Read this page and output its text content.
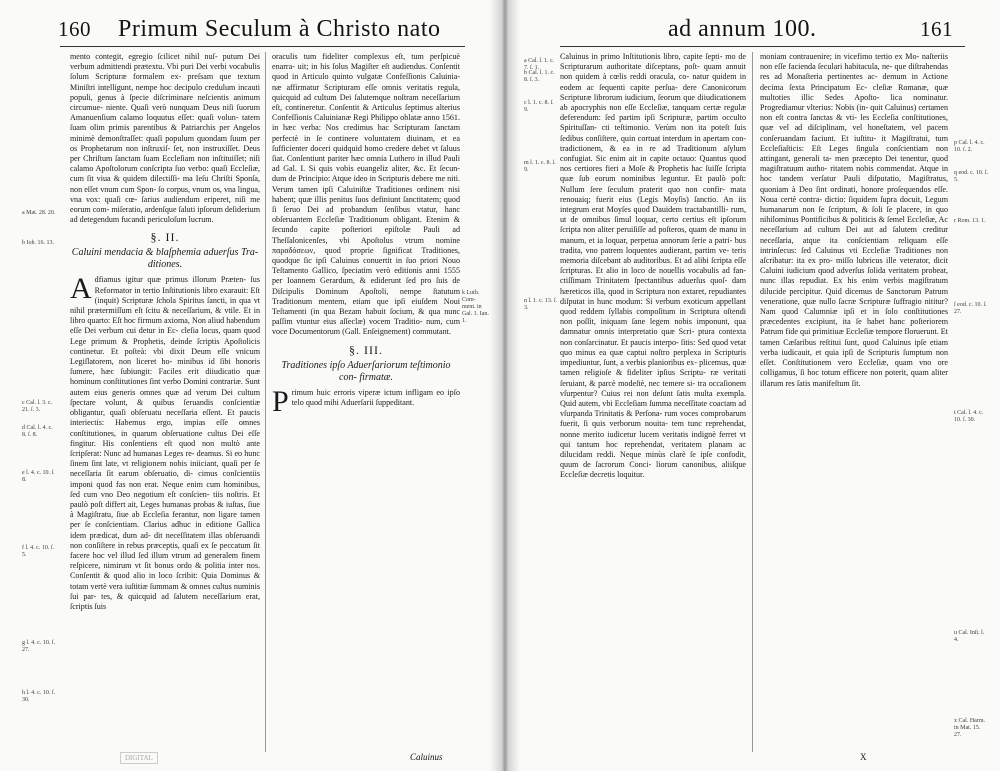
160 Primum Seculum à Christo nato

mento contegit, egregio ſcilicet nihil nuſ- putum Dei verbum admittendi prætextu. Vbi puri Dei verbi vocabulis ſolum Scripturæ formalem ex- preſsam que textum Miniſtri intelligunt, nempe hoc decipulo credulum incauti populi, genus à ſpecie diſcriminare neſcientis animum circumue- niente. Quaſi verò nunquam Deus niſi ſuorum Amanuenſium calamo loquutus eſſet: quaſi volun- tatem ſuam olim primis parentibus & Patriarchis per Angelos minimè demonſtraſſet: quaſi populum quondam ſuum per os Prophetarum non inſtruxiſ- ſet, non instruxiſſet. Deus per Chriſtum ſanctam ſuam Eccleſiam non inſtituiſſet; niſi calamo Apoſtolorum conſcripta ſuo verbo: quaſi Eccleſiæ, cum ſit viua & quidem dilectiſſi- ma Ieſu Chriſti Sponſa, non eſſet vnum cum Spon- ſo corpus, vnum os, vna lingua, vna vox: quaſi cœ- ſarius audiendum eriperet, niſi me eorum com- miſeratio, ardenſque ſaluti ipſorum deſiderium ad detegendum fucandi periculoſum lucrum.

§. II.
Caluini mendacia & blaſphemia aduerſus Tra- ditiones.

Adfiamus igitur quæ primus illorum Præten- ſus Reformator in tertio Inſtitutionis libro exarauit: Eſt (inquit) Scripturæ ſchola Spiritus ſancti, in qua vt nihil prætermiſſum eſt ſcitu & neceſſarium, & vtile. Et in libro quarto: Eſt hoc firmum axioma, Non aliud habendum eſſe Dei verbum cui detur in Ec- cleſia locus, quam quod Lege primum & Prophetis, deinde ſcriptis Apoſtolicis continetur. Et poſteà: vbi dixit Deum eſſe vnicum Legiſlatorem, non liceret ho- minibus id ſibi honoris ſumere, hæc ſubiungit: Faciles erit diiudicatio quæ hominum conſtitutiones ſint verbo Domini contrariæ. Sunt autem eius generis omnes quæ ad verum Dei cultum ſpectare volunt, & quibus ſeruandis conſcientiæ obligantur, quaſi obſeruatu neceſſaria eſſent. Et paucis interiectis: Habemus ergo, impias eſſe omnes conſtitutiones, in quarum obſeruatione cultus Dei eſſe fingitur. His conſentiens eſt quod non multò ante ſcripſerat: Nunc ad humanas Leges re- deamus. Si eo hunc ſinem ſint late, vt religionem nobis iniiciant, quaſi per ſe neceſſaria ſit earum obſeruatio, di- cimus conſcientiis imponi quod fas non erat. Neque enim cum hominibus, ſed cum vno Deo negotium eſt conſcien- tiis noſtris. Et paulò poſt differt ait, Leges humanas probas & iuſtas, ſiue à Magiſtratu, ſiue ab Eccleſia ferantur, non ligare tamen per ſe conſcientiam. Clarius adhuc in editione Gallica idem prædicat, dum ad- dit neceſſitatem illas obſeruandi non conſiſtere in rebus præceptis, quaſi ex ſe peccatum ſit facere hoc vel illud ſed illum vtrum ad generalem finem reſpicere, nimirum vt ſit bonus ordo & politia inter nos. Conſentit & quod alio in loco ſcribit: Quia Dominus & totam vertè vera iuſtitiæ ſummam & omnes cultus numinis ſui par- tes, & quicquid ad ſalutem neceſſarium erat, ſcriptis ſuis

oraculis tum fideliter complexus eſt, tum perſpicuè enarra- uit; in his ſolus Magiſter eſt audiendus. Conſentit quod in Articulo quinto vulgatæ Confeſſionis Caluinia- næ affirmatur Scripturam eſſe omnis veritatis regula, quicquid ad cultum Dei ſalutemque noſtram neceſſarium eſt, contineretur. Conſentit & Articulus ſeptimus alterius Confeſſionis Caluinianæ Regi Philippo oblatæ anno 1561. in hæc verba: Nos credimus hac Scripturam ſanctam perfectè in ſe continere voluntatem diuinam, et ea ſufficienter doceri quidquid homo credere debet vt ſaluus ſiat. Conſentiunt pariter hæc omnia Luthero in illud Pauli ad Gal. I. Si quis vobis euangeliz aliter, &c. Et ſecun- dum de Principio: Atque ideo in Scripturis debere me niti. Verum tamen ipſi Caluiniſtæ Traditiones ordinem nisi habent; quæ illis penitus ſuos definiunt ſanctitatem; quod ſi ſeruo Dei ad probandum ſenſibus vtatur, hanc obſeruantem Eccleſiæ Traditionum obligant. Etenim & ſecundo capite poſteriori epiſtolæ Pauli ad Theſſalonicenſes, vbi Apoſtolus vtrum nomine παραδόσεων, quod proprie ſignificat Traditiones, quodque ſic ipſi Caluinus conuertit in ſuo priori Nouo Teſtamento Gallico, ſpeciatim verò editionis anni 1555 per Ioannem Gerardum, & ediderunt ſed pro ſuis de Diſcipulis Dominum Apoſtoli, nempe ſtatutum Traditionum mentem, etiam que ipſi eiuſdem Noui Teſtamenti (in qua Bezam habuit ſocium, & qua nunc paſſim vtuntur eius aſſeclæ) vocem Traditio- num, cum voce Documentorum (Gall. Enſeignement) commutant.

§. III.
Traditiones ipſo Aduerſariorum teſtimonio con- firmatæ.

Primum huic erroris viperæ ictum infligam eo ipſo telo quod mihi Aduerſarii ſuppeditant.

a Mat. 28. 20.
b Ioh. 16. 13.
c Cal. l. 3. c. 21. ſ. 3.
d Cal. l. 4. c. 8. ſ. 8.
e l. 4. c. 10. ſ. 8.
f l. 4. c. 10. ſ. 5.
g l. 4. c. 10. ſ. 27.
h l. 4. c. 10. ſ. 30.
k Luth. Com- ment. in Gal. 1. Ian. 1.
DIGITAL	Caluinus
ad annum 100.	161

Caluinus in primo Inſtitutionis libro, capite ſepti- mo de Scripturarum authoritate diſceptans, poſt- quam annuit non quidem à cœlis reddi oracula, co- natur quidem in eodem ac ſequenti capite perſua- dere Canonicorum Scripturæ librorum iudicium, ſeorum que diiudicationem ab apocryphis non eſſe Eccleſiæ, tanquam certæ regulæ deferendum: ſed partim ipſi Scripturæ, partim occulto Spirituſſan- cti teſtimonio. Verùm non ita poteſt ſuis ſedibus conſiſtere, quin cortuat interdum in apertam con- tradictionem, & ea in re ad Traditionum aſylum confugiat. Sic enim ait in capite octauo: Quantus quod nos certiores fieri a Moſe & Prophetis hac ſuiſſe ſcripta quæ ſub eorum nominibus leguntur. Et paulò poſt: Nullum ſere ſeculum praterit quo non confir- mata renouaiq; fuerit eius (Legis Moyſis) ſanctio. An iis integrum erat Moyſes quod Dauidem tractabantilli- rum, ut de omnibus ſimul loquar, certo certius eſt ipſorum ſcripta non aliter peruiſiſſe ad poſteros, quam de manu in manum, et ia loquar, perpetua annorum ſerie a patri- bus tradita, vno patrem loquentes audierant, partim ve- teris memoria diſcebant ab auditoribus. Et ad alibi ſcripta eſſe ſcripturas. Et alio in loco de nouellis vocabulis ad fan- ctiſſimam Trinitatem ſpectantibus aduerſus quoſ- dam hæreticos illa, quod in Scriptura non extaret, repudiantes diſputat in hunc modum: Si verbum exoticum appellant quod reddem ſyllabis compoſitum in Scriptura oſtendi non poſſit, iniquam ſane legem nobis imponunt, qua damnatur omnis interpretatio quæ Scri- ptura contexta non conſarcinatur. Et paucis interpo- ſitis: Sed quod vetat quo minus ea quæ captui noſtro perplexa in Scripturis impediuntur, ſunt, a verbis planioribus ex- plicemus, quæ tamen religioſe & fideliter ipſius Scriptu- ræ veritati ſeruiant, & parcè modeſtè, nec temere si- tra occaſionem vſurpentur? Cuius rei non deſunt ſatis multa exempla. Quid autem, vbi Eccleſiam ſumma neceſſitate coactam ad vſurpanda Trinitatis & Perſona- rum voces comprobarum fuerit, ſi quis verborum nouita- tem tunc reprehendat, nonne merito iudicetur lucem veritatis indignè ferret vt qui tantum hoc reprehendat, veritatem planam ac dilucidam reddi. Neque minùs clarè ſe ipſe confodit, quum de ſacrorum Conci- liorum canonibus, aliiſque Eccleſiæ decretis loquitur.

moniam contrauenire; in vicefimo tertio ex Mo- naſteriis non eſſe facienda ſeculari habitacula, ne- que diſtrahendas res ad Monaſteria pertinentes ac- demum in Actione decima ſexta Principatum Ec- cleſiæ Romanæ, quæ multoties illic Sedes Apoſto- lica nominatur. Progrediamur vlterius: Nobis (in- quit Caluinus) certamen non eſt contra ſanctas & vti- les Eccleſia conſtitutiones, quæ vel ad diſciplinam, vel honeſtatem, vel pacem conſeruandam faciunt. Et iuſtitu- it Magiſtratui, tum Eccleſiaſticis: Eſt Leges ſingula conſcientiam non attingant, generali ta- men præcepto Dei tenentur, quod magiſtratuum autho- ritatem nobis commendat. Atque in hoc tandem verſatur Pauli diſputatio, Magiſtratus, quoniam à Deo ſint ordinati, honore proſequendos eſſe. Noua certè contra- dictio: ſiquidem ſupra docuit, Legum humanarum non ſe ſcriptum, & ſoli ſe placere, in quo nihilominus Pontificibus & politicis & ſemel Eccleſiæ, Ac neceſſarium ad cultum Dei aut ad ſalutem creditur neceſſaria, atque ita conſcientiam reliquam eſſe intrinſecus: ſed Caluinus vti Eccleſiæ Traditiones non aſcribatur: ita ex pro- miſſo lubricus ille veterator, dicit Caluini iudicium quod adverſus ſolida veritatem probeat, nunc illas repudiat. Ex his enim verbis magiſtratum dilucide percipitur. Quid dicemus de Sanctorum Patrum veneratione, quæ nullo ſacræ Scripturæ ſuffragio nititur? Nam quod Calumniæ ipſi et in ſolo conſtitutiones præcedentes excipiunt, ita ſe habet hanc poſteriorem Patrum fide qui primitiuæ Eccleſiæ tempore floruerunt. Et tamen Cæſaribus reſtitui ſunt, quod Caluinus ipſe etiam verba iudicauit, et quia ipſi de Scripturis ſumptum non eſſet. Conſtitutionem vero Eccleſiæ, quam vno ore colligamus, ſi hoc totum efficere non poterit, quam aliter illarum res ſatis manifeſtum ſit.

a Cal. l. 1. c. 7. ſ. 1.
b Cal. l. 1. c. 8. ſ. 3.
c l. 1. c. 8. ſ. 9.
m l. 1. c. 8. ſ. 9.
n l. 1. c. 13. ſ. 3.
p Cal. l. 4. c. 10. ſ. 2.
q eod. c. 10. ſ. 5.
r Rom. 13. 1.
ſ eod. c. 10. ſ. 27.
t Cal. l. 4. c. 10. ſ. 30.
u Cal. Inſt. l. 4.
x Cal. Harm. in Mat. 15. 27.
X
